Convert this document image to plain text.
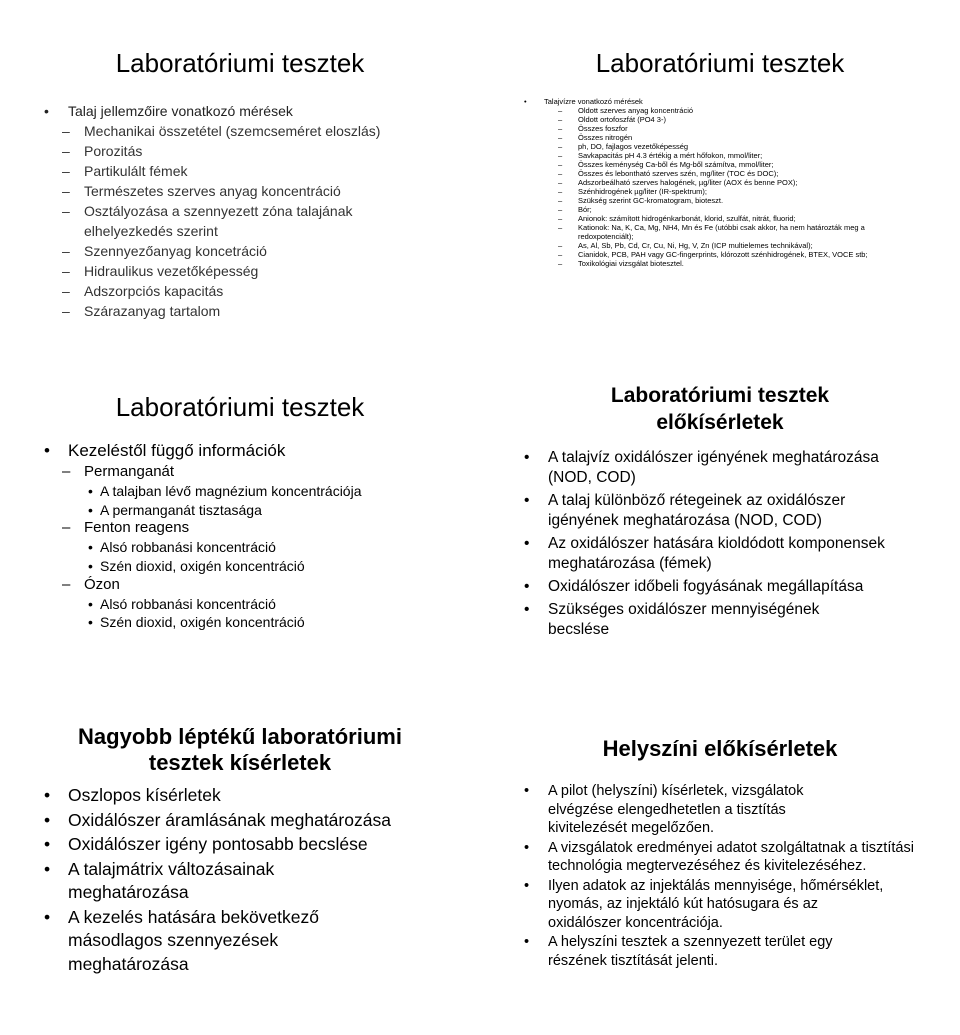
Laboratóriumi tesztek
• Talaj jellemzőire vonatkozó mérések
– Mechanikai összetétel (szemcseméret eloszlás)
– Porozitás
– Partikulált fémek
– Természetes szerves anyag koncentráció
– Osztályozása a szennyezett zóna talajának elhelyezkedés szerint
– Szennyezőanyag koncetráció
– Hidraulikus vezetőképesség
– Adszorpciós kapacitás
– Szárazanyag tartalom
Laboratóriumi tesztek
• Talajvízre vonatkozó mérések
– Oldott szerves anyag koncentráció
– Oldott ortofoszfát (PO4 3-)
– Összes foszfor
– Összes nitrogén
– ph, DO, fajlagos vezetőképesség
– Savkapacitás pH 4.3 értékig a mért hőfokon, mmol/liter;
– Összes keménység Ca-ből és Mg-ből számítva, mmol/liter;
– Összes és lebontható szerves szén, mg/liter (TOC és DOC);
– Adszorbeálható szerves halogének, µg/liter (AOX és benne POX);
– Szénhidrogének µg/liter (IR-spektrum);
– Szükség szerint GC-kromatogram, bioteszt.
– Bór;
– Anionok: számított hidrogénkarbonát, klorid, szulfát, nitrát, fluorid;
– Kationok: Na, K, Ca, Mg, NH4, Mn és Fe (utóbbi csak akkor, ha nem határozták meg a redoxpotenciált);
– As, Al, Sb, Pb, Cd, Cr, Cu, Ni, Hg, V, Zn (ICP multielemes technikával);
– Cianidok, PCB, PAH vagy GC-fingerprints, klórozott szénhidrogének, BTEX, VOCE stb;
– Toxikológiai vizsgálat biotesztel.
Laboratóriumi tesztek
• Kezeléstől függő információk
– Permanganát
• A talajban lévő magnézium koncentrációja
• A permanganát tisztasága
– Fenton reagens
• Alsó robbanási koncentráció
• Szén dioxid, oxigén koncentráció
– Ózon
• Alsó robbanási koncentráció
• Szén dioxid, oxigén koncentráció
Laboratóriumi tesztek
előkísérletek
• A talajvíz oxidálószer igényének meghatározása (NOD, COD)
• A talaj különböző rétegeinek az oxidálószer igényének meghatározása (NOD, COD)
• Az oxidálószer hatására kioldódott komponensek meghatározása (fémek)
• Oxidálószer időbeli fogyásának megállapítása
• Szükséges oxidálószer mennyiségének becslése
Nagyobb léptékű laboratóriumi
tesztek kísérletek
• Oszlopos kísérletek
• Oxidálószer áramlásának meghatározása
• Oxidálószer igény pontosabb becslése
• A talajmátrix változásainak meghatározása
• A kezelés hatására bekövetkező másodlagos szennyezések meghatározása
Helyszíni előkísérletek
• A pilot (helyszíni) kísérletek, vizsgálatok elvégzése elengedhetetlen a tisztítás kivitelezését megelőzően.
• A vizsgálatok eredményei adatot szolgáltatnak a tisztítási technológia megtervezéséhez és kivitelezéséhez.
• Ilyen adatok az injektálás mennyisége, hőmérséklet, nyomás, az injektáló kút hatósugara és az oxidálószer koncentrációja.
• A helyszíni tesztek a szennyezett terület egy részének tisztítását jelenti.
